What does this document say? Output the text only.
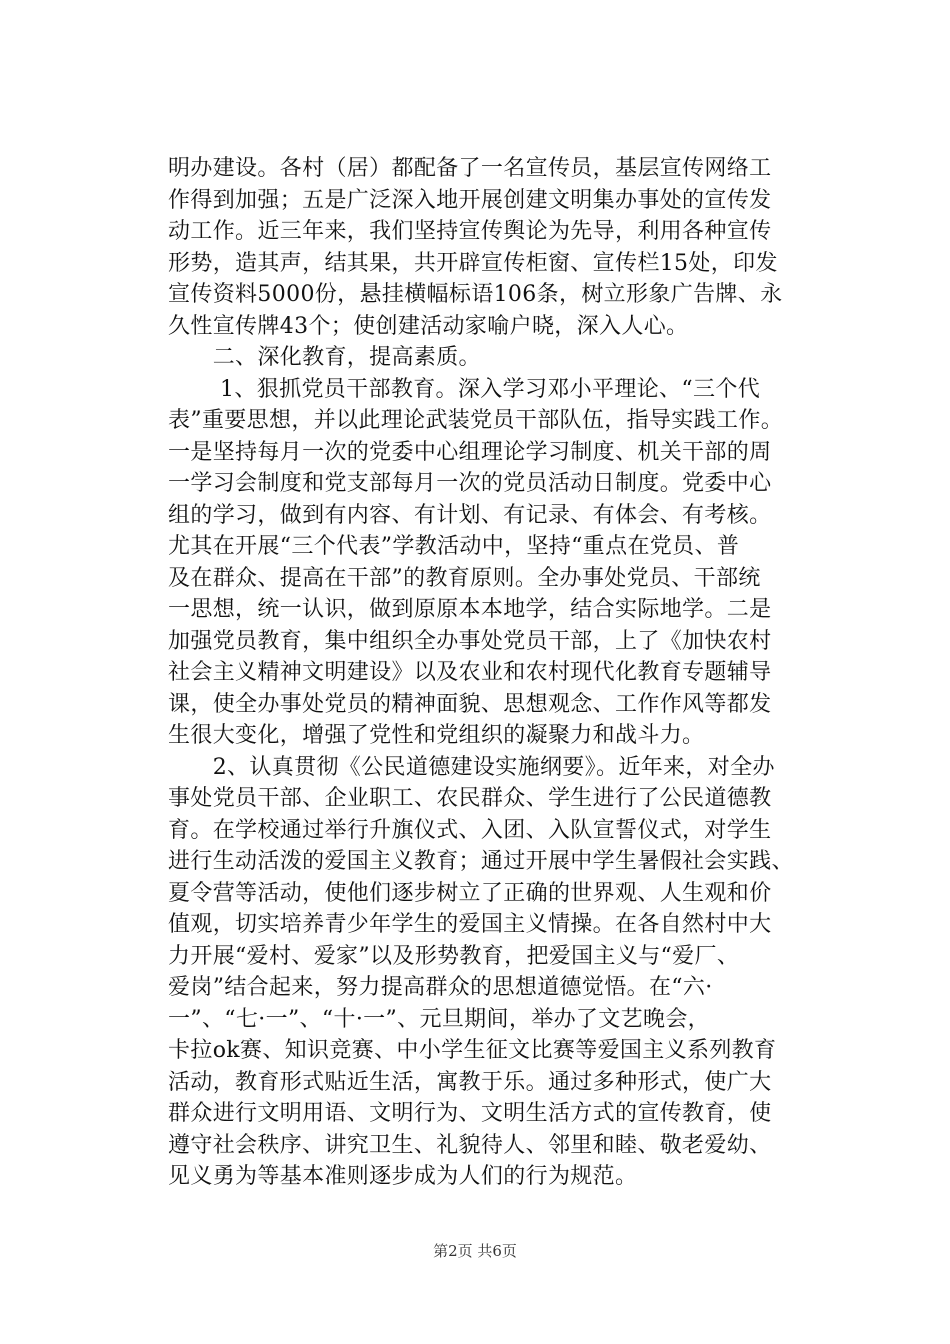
明办建设。各村（居）都配备了一名宣传员，基层宣传网络工
作得到加强；五是广泛深入地开展创建文明集办事处的宣传发
动工作。近三年来，我们坚持宣传舆论为先导，利用各种宣传
形势，造其声，结其果，共开辟宣传柜窗、宣传栏15处，印发
宣传资料5000份，悬挂横幅标语106条，树立形象广告牌、永
久性宣传牌43个；使创建活动家喻户晓，深入人心。
　　二、深化教育，提高素质。
　　 1、狠抓党员干部教育。深入学习邓小平理论、“三个代
表”重要思想，并以此理论武装党员干部队伍，指导实践工作。
一是坚持每月一次的党委中心组理论学习制度、机关干部的周
一学习会制度和党支部每月一次的党员活动日制度。党委中心
组的学习，做到有内容、有计划、有记录、有体会、有考核。
尤其在开展“三个代表”学教活动中，坚持“重点在党员、普
及在群众、提高在干部”的教育原则。全办事处党员、干部统
一思想，统一认识，做到原原本本地学，结合实际地学。二是
加强党员教育，集中组织全办事处党员干部，上了《加快农村
社会主义精神文明建设》以及农业和农村现代化教育专题辅导
课，使全办事处党员的精神面貌、思想观念、工作作风等都发
生很大变化，增强了党性和党组织的凝聚力和战斗力。
　　2、认真贯彻《公民道德建设实施纲要》。近年来，对全办
事处党员干部、企业职工、农民群众、学生进行了公民道德教
育。在学校通过举行升旗仪式、入团、入队宣誓仪式，对学生
进行生动活泼的爱国主义教育；通过开展中学生暑假社会实践、
夏令营等活动，使他们逐步树立了正确的世界观、人生观和价
值观，切实培养青少年学生的爱国主义情操。在各自然村中大
力开展“爱村、爱家”以及形势教育，把爱国主义与“爱厂、
爱岗”结合起来，努力提高群众的思想道德觉悟。在“六·
一”、“七·一”、“十·一”、元旦期间，举办了文艺晚会，
卡拉ok赛、知识竞赛、中小学生征文比赛等爱国主义系列教育
活动，教育形式贴近生活，寓教于乐。通过多种形式，使广大
群众进行文明用语、文明行为、文明生活方式的宣传教育，使
遵守社会秩序、讲究卫生、礼貌待人、邻里和睦、敬老爱幼、
见义勇为等基本准则逐步成为人们的行为规范。
第2页 共6页
